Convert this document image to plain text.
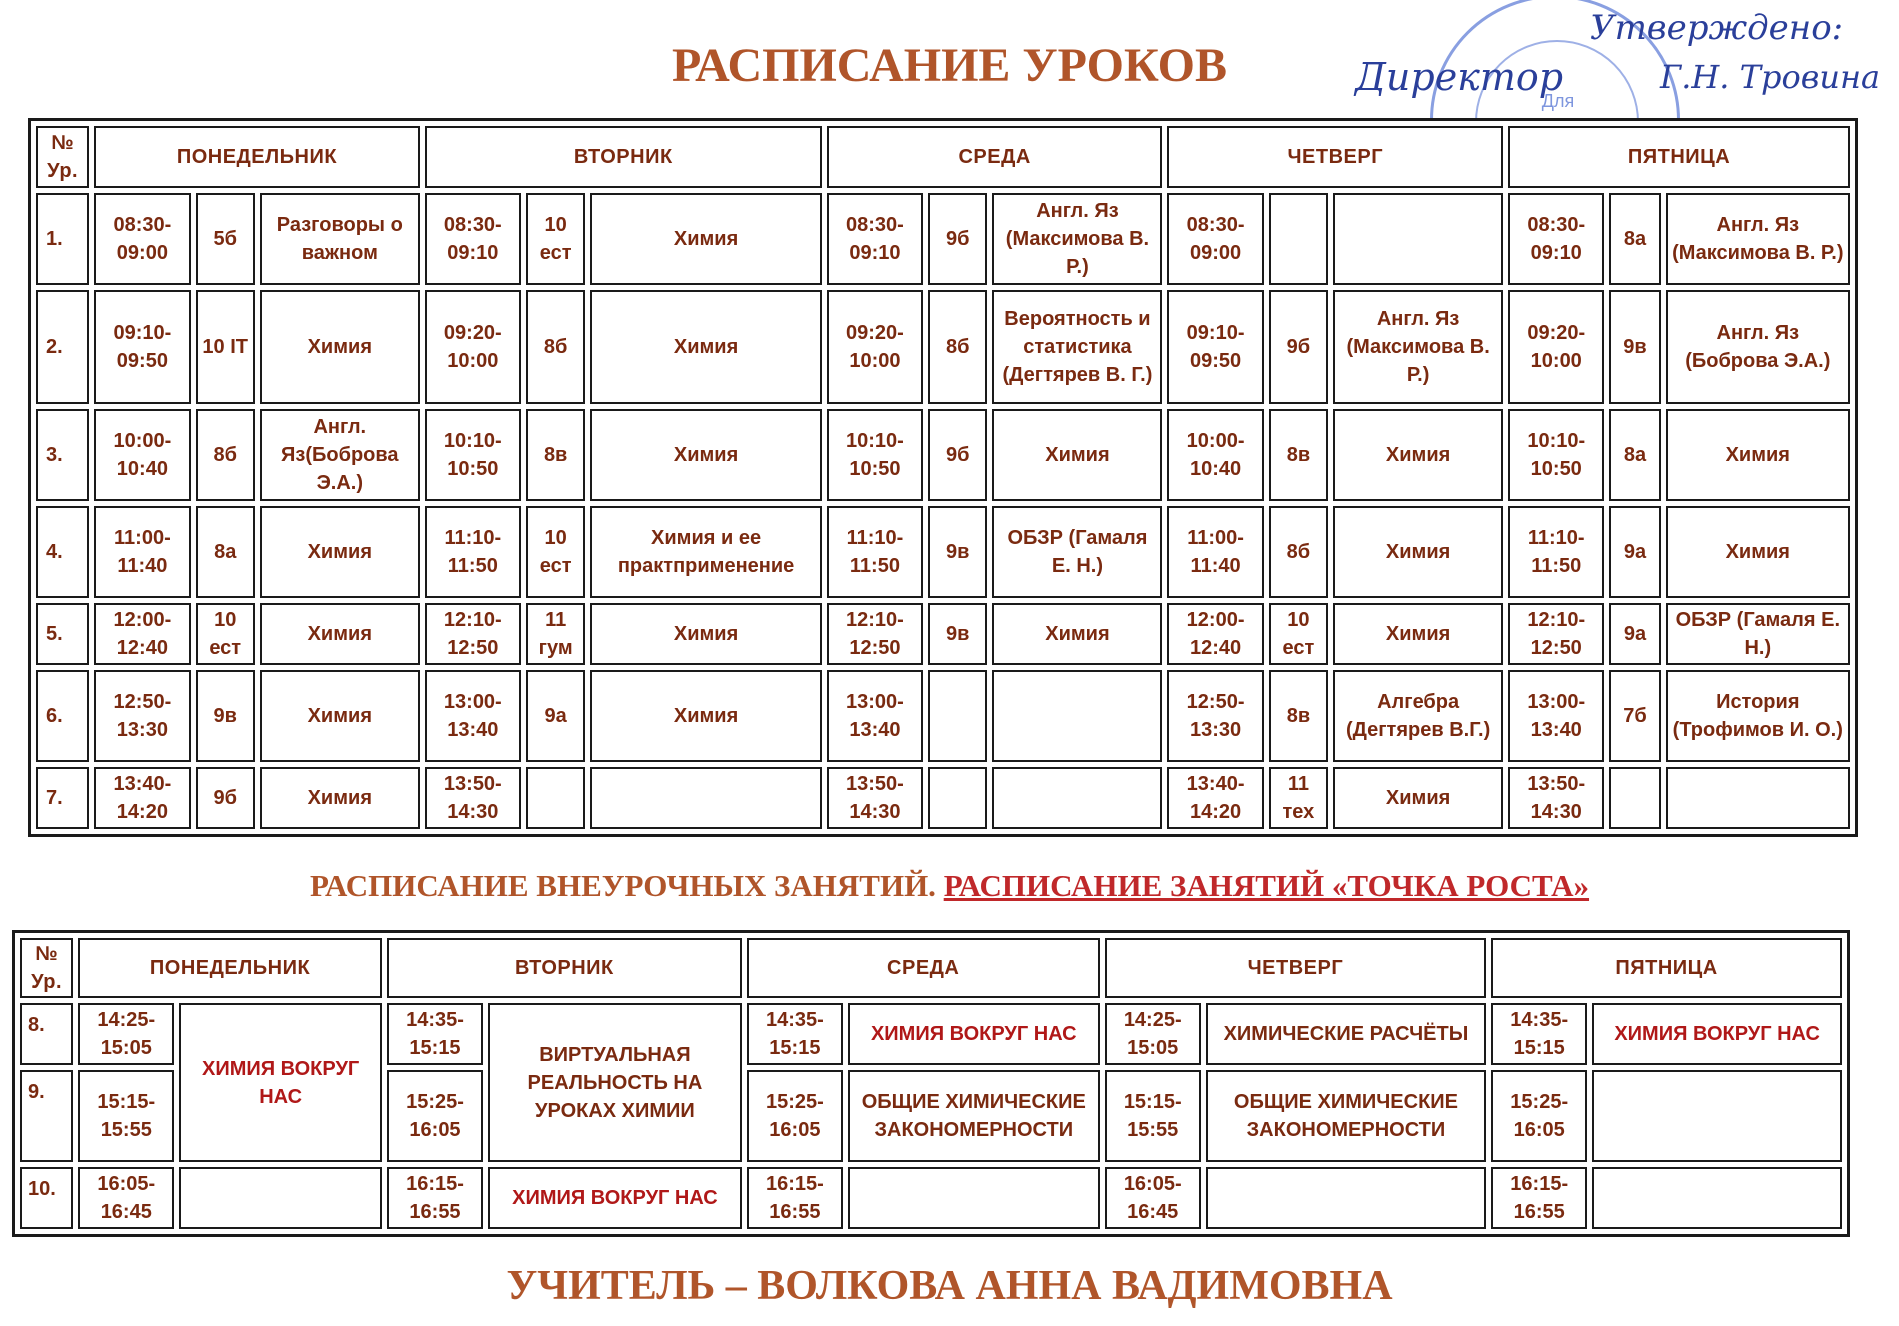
РАСПИСАНИЕ УРОКОВ
Для
Утверждено:
Директор	Г.Н. Тровина
№ Ур.	ПОНЕДЕЛЬНИК			ВТОРНИК			СРЕДА			ЧЕТВЕРГ			ПЯТНИЦА		
1.	08:30-09:00	5б	Разговоры о важном	08:30-09:10	10 ест	Химия	08:30-09:10	9б	Англ. Яз (Максимова В. Р.)	08:30-09:00			08:30-09:10	8а	Англ. Яз (Максимова В. Р.)
2.	09:10-09:50	10 IT	Химия	09:20-10:00	8б	Химия	09:20-10:00	8б	Вероятность и статистика (Дегтярев В. Г.)	09:10-09:50	9б	Англ. Яз (Максимова В. Р.)	09:20-10:00	9в	Англ. Яз (Боброва Э.А.)
3.	10:00-10:40	8б	Англ. Яз(Боброва Э.А.)	10:10-10:50	8в	Химия	10:10-10:50	9б	Химия	10:00-10:40	8в	Химия	10:10-10:50	8а	Химия
4.	11:00-11:40	8а	Химия	11:10-11:50	10 ест	Химия и ее практприменение	11:10-11:50	9в	ОБЗР (Гамаля Е. Н.)	11:00-11:40	8б	Химия	11:10-11:50	9а	Химия
5.	12:00-12:40	10 ест	Химия	12:10-12:50	11 гум	Химия	12:10-12:50	9в	Химия	12:00-12:40	10 ест	Химия	12:10-12:50	9а	ОБЗР (Гамаля Е. Н.)
6.	12:50-13:30	9в	Химия	13:00-13:40	9а	Химия	13:00-13:40			12:50-13:30	8в	Алгебра (Дегтярев В.Г.)	13:00-13:40	7б	История (Трофимов И. О.)
7.	13:40-14:20	9б	Химия	13:50-14:30			13:50-14:30			13:40-14:20	11 тех	Химия	13:50-14:30		
РАСПИСАНИЕ ВНЕУРОЧНЫХ ЗАНЯТИЙ. РАСПИСАНИЕ ЗАНЯТИЙ «ТОЧКА РОСТА»
№ Ур.	ПОНЕДЕЛЬНИК		ВТОРНИК		СРЕДА		ЧЕТВЕРГ		ПЯТНИЦА	
8.	14:25-15:05	ХИМИЯ ВОКРУГ НАС	14:35-15:15	ВИРТУАЛЬНАЯ РЕАЛЬНОСТЬ НА УРОКАХ ХИМИИ	14:35-15:15	ХИМИЯ ВОКРУГ НАС	14:25-15:05	ХИМИЧЕСКИЕ РАСЧЁТЫ	14:35-15:15	ХИМИЯ ВОКРУГ НАС
9.	15:15-15:55		15:25-16:05		15:25-16:05	ОБЩИЕ ХИМИЧЕСКИЕ ЗАКОНОМЕРНОСТИ	15:15-15:55	ОБЩИЕ ХИМИЧЕСКИЕ ЗАКОНОМЕРНОСТИ	15:25-16:05	
10.	16:05-16:45		16:15-16:55	ХИМИЯ ВОКРУГ НАС	16:15-16:55		16:05-16:45		16:15-16:55	
УЧИТЕЛЬ – ВОЛКОВА АННА ВАДИМОВНА
